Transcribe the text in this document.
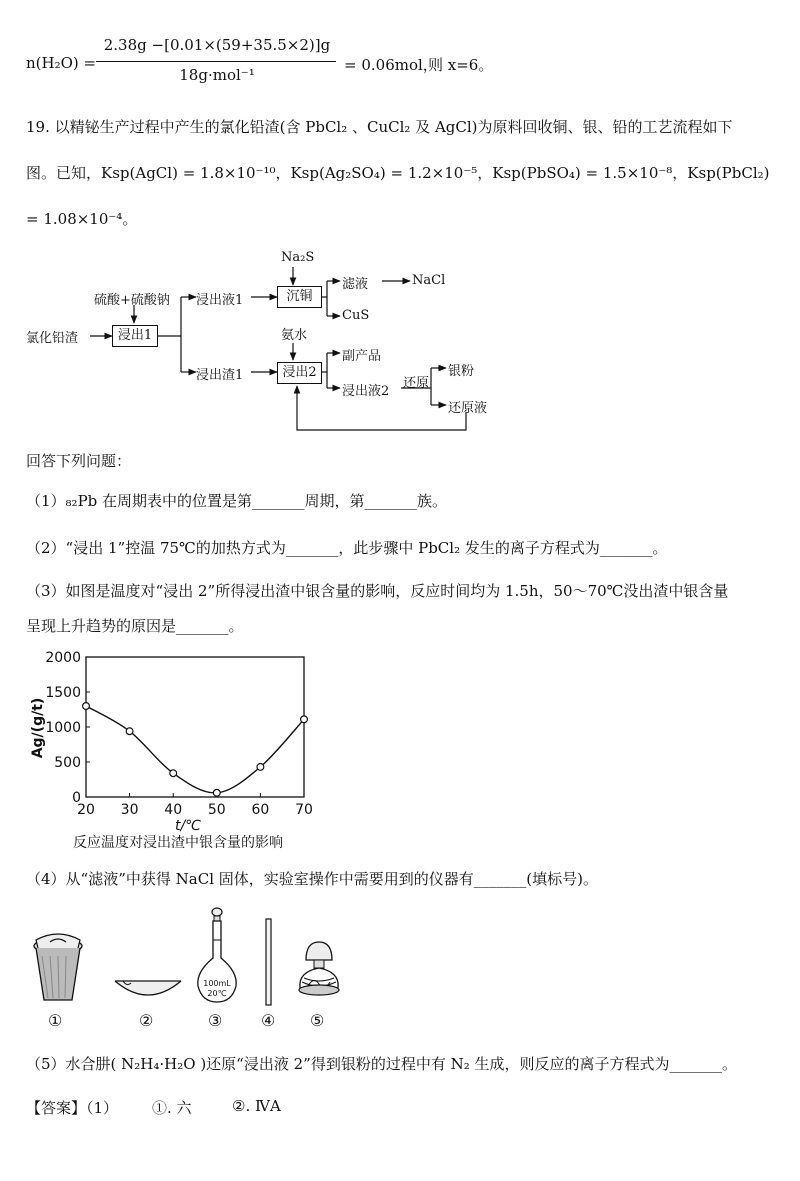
n(H₂O) =
2.38g −[0.01×(59+35.5×2)]g
18g·mol⁻¹
= 0.06mol，
则 x=6。
19. 以精铋生产过程中产生的氯化铅渣(含 PbCl₂ 、CuCl₂ 及 AgCl)为原料回收铜、银、铅的工艺流程如下
图。已知，Ksp(AgCl) = 1.8×10⁻¹⁰，Ksp(Ag₂SO₄) = 1.2×10⁻⁵，Ksp(PbSO₄) = 1.5×10⁻⁸，Ksp(PbCl₂)
= 1.08×10⁻⁴。
硫酸+硫酸钠
氯化铅渣	浸出1
浸出液1
浸出渣1
Na₂S
沉铜
滤液	NaCl
CuS
氨水
浸出2
副产品
浸出液2
还原
银粉
还原液
回答下列问题：
（1）₈₂Pb 在周期表中的位置是第_______周期，第_______族。
（2）“浸出 1”控温 75℃的加热方式为_______，此步骤中 PbCl₂ 发生的离子方程式为_______。
（3）如图是温度对“浸出 2”所得浸出渣中银含量的影响，反应时间均为 1.5h，50～70℃没出渣中银含量
呈现上升趋势的原因是_______。
Ag/(g/t)
t/℃
反应温度对浸出渣中银含量的影响
0
500
1000
1500
2000
20 30 40 50 60 70
（4）从“滤液”中获得 NaCl 固体，实验室操作中需要用到的仪器有_______(填标号)。
100mL
20℃
①	②	③ ④ ⑤
（5）水合肼( N₂H₄·H₂O )还原“浸出液 2”得到银粉的过程中有 N₂ 生成，则反应的离子方程式为_______。
【答案】（1） ①. 六	②. ⅣA
